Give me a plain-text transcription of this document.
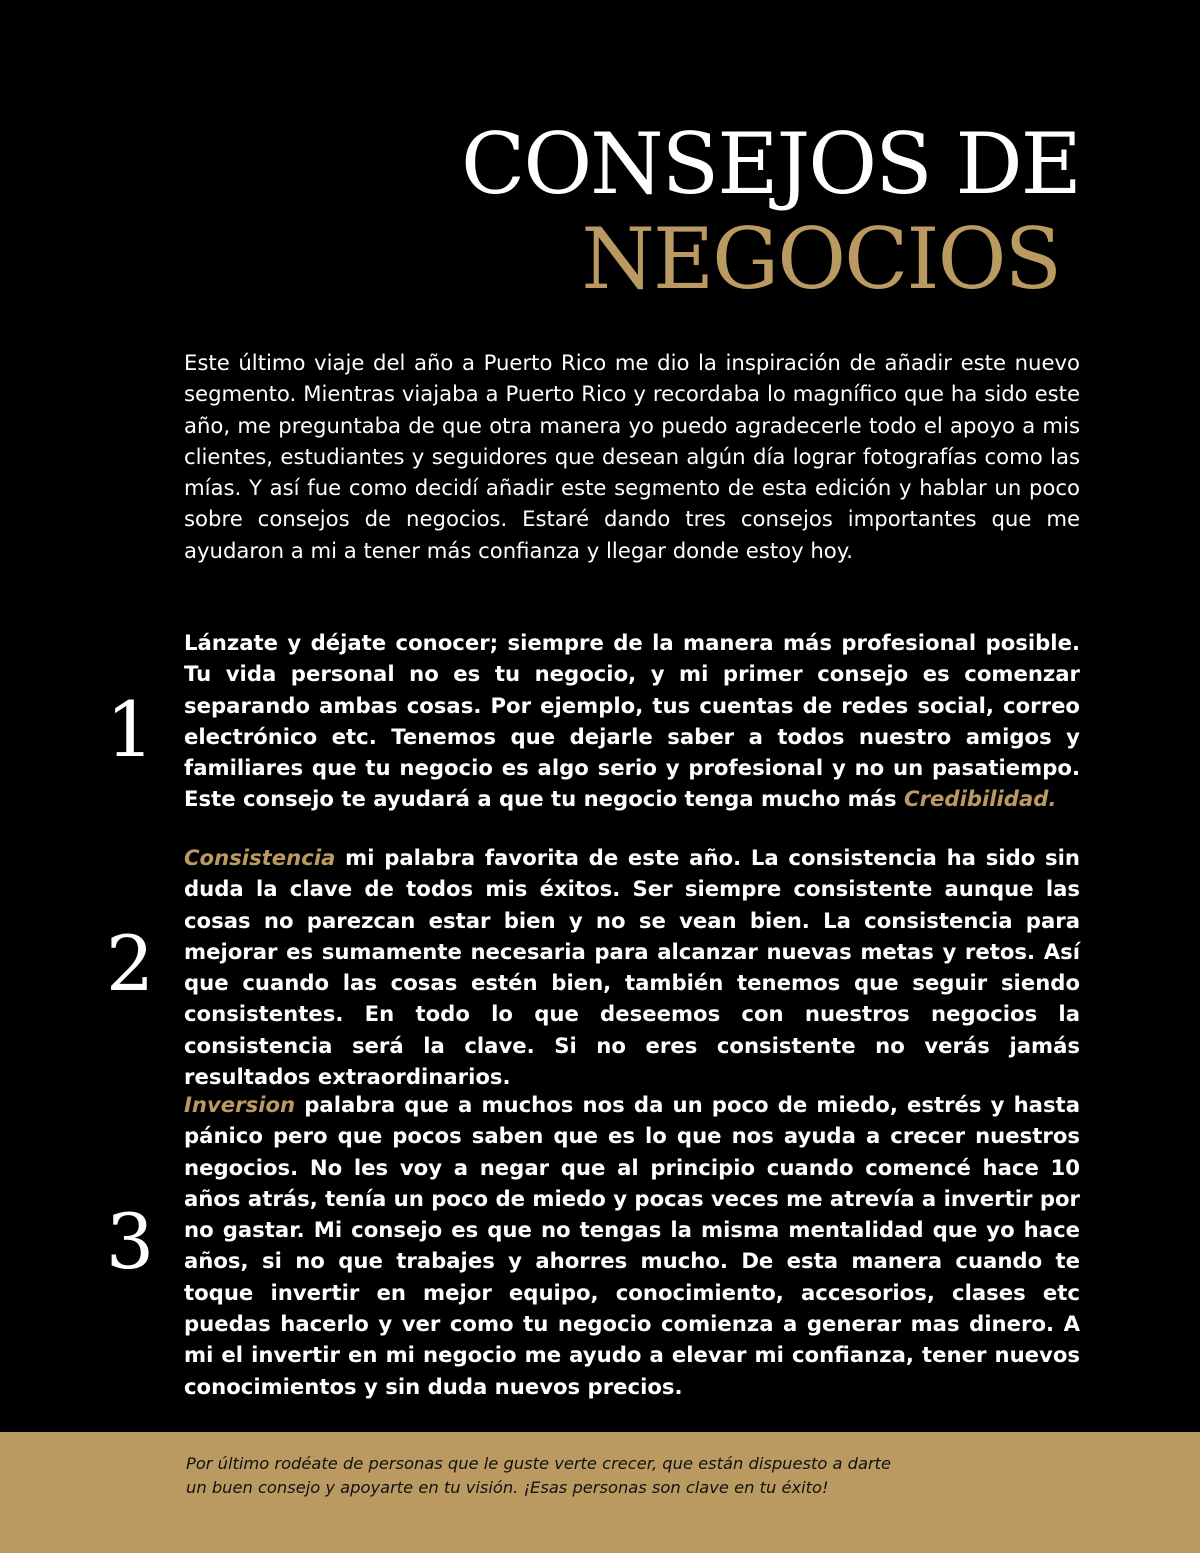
CONSEJOS DE
NEGOCIOS

Este último viaje del año a Puerto Rico me dio la inspiración de añadir este nuevo segmento. Mientras viajaba a Puerto Rico y recordaba lo magnífico que ha sido este año, me preguntaba de que otra manera yo puedo agradecerle todo el apoyo a mis clientes, estudiantes y seguidores que desean algún día lograr fotografías como las mías. Y así fue como decidí añadir este segmento de esta edición y hablar un poco sobre consejos de negocios. Estaré dando tres consejos importantes que me ayudaron a mi a tener más confianza y llegar donde estoy hoy.

1

Lánzate y déjate conocer; siempre de la manera más profesional posible. Tu vida personal no es tu negocio, y mi primer consejo es comenzar separando ambas cosas. Por ejemplo, tus cuentas de redes social, correo electrónico etc. Tenemos que dejarle saber a todos nuestro amigos y familiares que tu negocio es algo serio y profesional y no un pasatiempo. Este consejo te ayudará a que tu negocio tenga mucho más Credibilidad.

2

Consistencia mi palabra favorita de este año. La consistencia ha sido sin duda la clave de todos mis éxitos. Ser siempre consistente aunque las cosas no parezcan estar bien y no se vean bien. La consistencia para mejorar es sumamente necesaria para alcanzar nuevas metas y retos. Así que cuando las cosas estén bien, también tenemos que seguir siendo consistentes. En todo lo que deseemos con nuestros negocios la consistencia será la clave. Si no eres consistente no verás jamás resultados extraordinarios.

3

Inversion palabra que a muchos nos da un poco de miedo, estrés y hasta pánico pero que pocos saben que es lo que nos ayuda a crecer nuestros negocios. No les voy a negar que al principio cuando comencé hace 10 años atrás, tenía un poco de miedo y pocas veces me atrevía a invertir por no gastar. Mi consejo es que no tengas la misma mentalidad que yo hace años, si no que trabajes y ahorres mucho. De esta manera cuando te toque invertir en mejor equipo, conocimiento, accesorios, clases etc puedas hacerlo y ver como tu negocio comienza a generar mas dinero. A mi el invertir en mi negocio me ayudo a elevar mi confianza, tener nuevos conocimientos y sin duda nuevos precios.

Por último rodéate de personas que le guste verte crecer, que están dispuesto a darte
un buen consejo y apoyarte en tu visión. ¡Esas personas son clave en tu éxito!
